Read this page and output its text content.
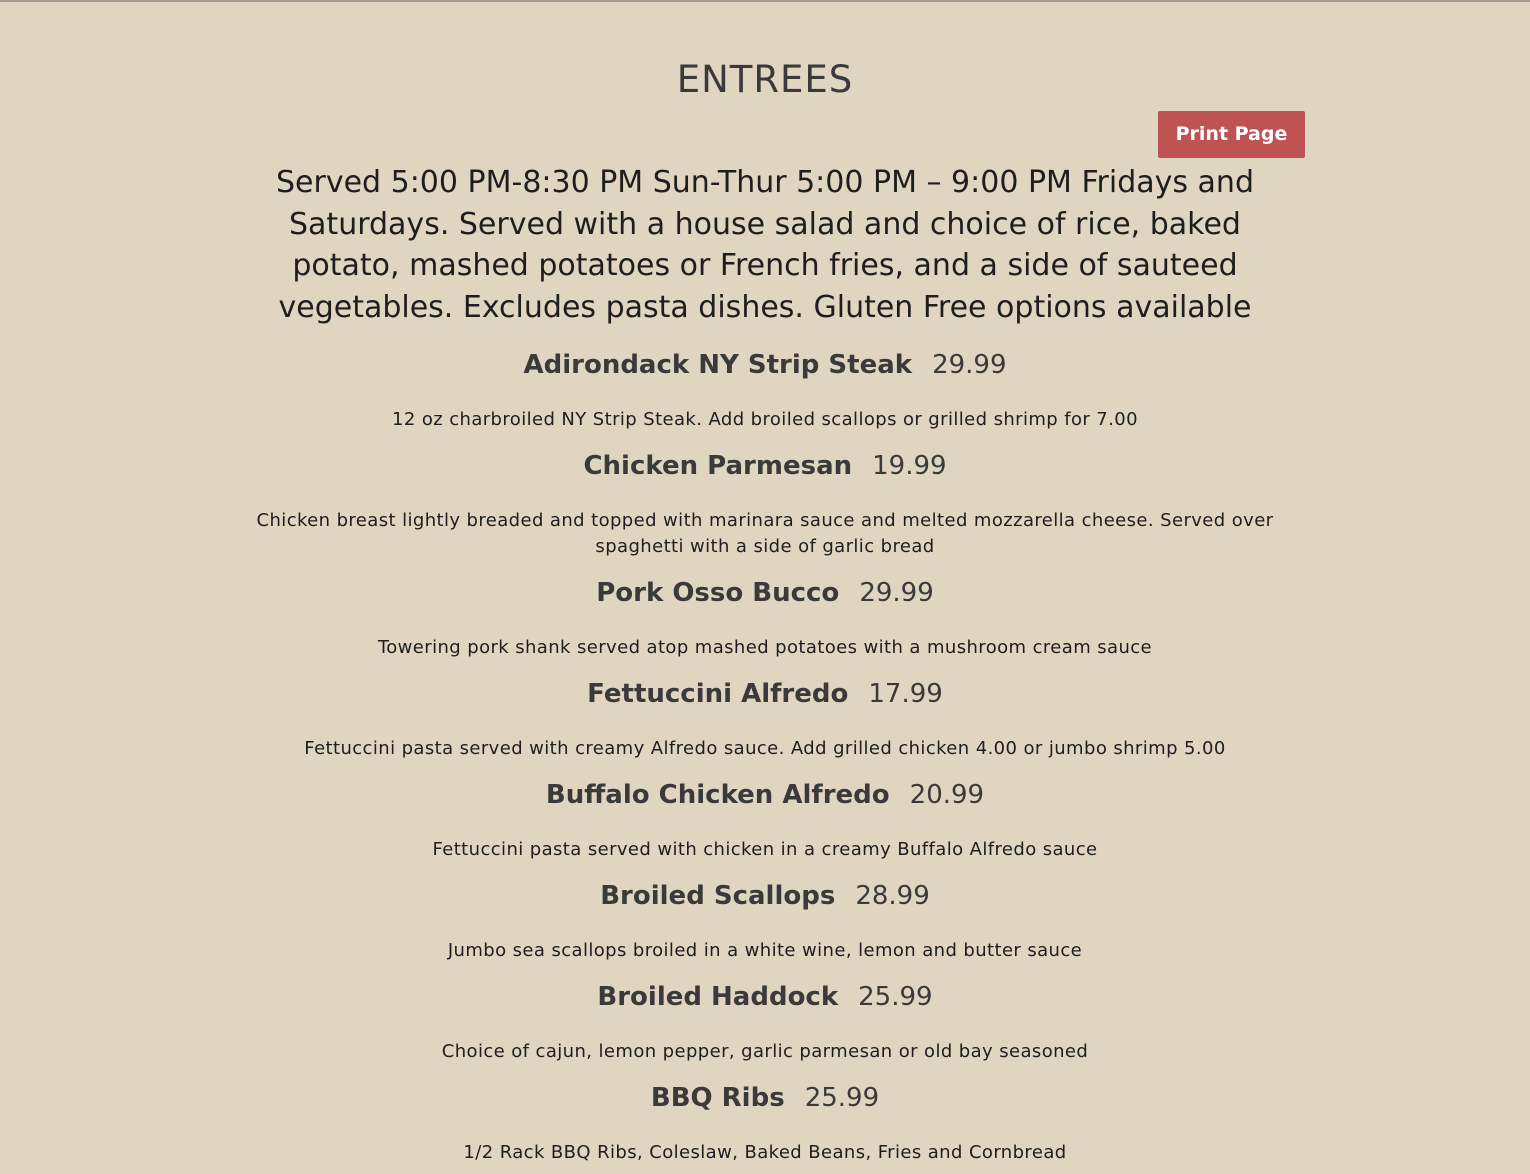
ENTREES
Print Page

Served 5:00 PM-8:30 PM Sun-Thur 5:00 PM – 9:00 PM Fridays and Saturdays. Served with a house salad and choice of rice, baked potato, mashed potatoes or French fries, and a side of sauteed vegetables. Excludes pasta dishes. Gluten Free options available

Adirondack NY Strip Steak 29.99

12 oz charbroiled NY Strip Steak. Add broiled scallops or grilled shrimp for 7.00

Chicken Parmesan 19.99

Chicken breast lightly breaded and topped with marinara sauce and melted mozzarella cheese. Served over spaghetti with a side of garlic bread

Pork Osso Bucco 29.99

Towering pork shank served atop mashed potatoes with a mushroom cream sauce

Fettuccini Alfredo 17.99

Fettuccini pasta served with creamy Alfredo sauce. Add grilled chicken 4.00 or jumbo shrimp 5.00

Buffalo Chicken Alfredo 20.99

Fettuccini pasta served with chicken in a creamy Buffalo Alfredo sauce

Broiled Scallops 28.99

Jumbo sea scallops broiled in a white wine, lemon and butter sauce

Broiled Haddock 25.99

Choice of cajun, lemon pepper, garlic parmesan or old bay seasoned

BBQ Ribs 25.99

1/2 Rack BBQ Ribs, Coleslaw, Baked Beans, Fries and Cornbread
